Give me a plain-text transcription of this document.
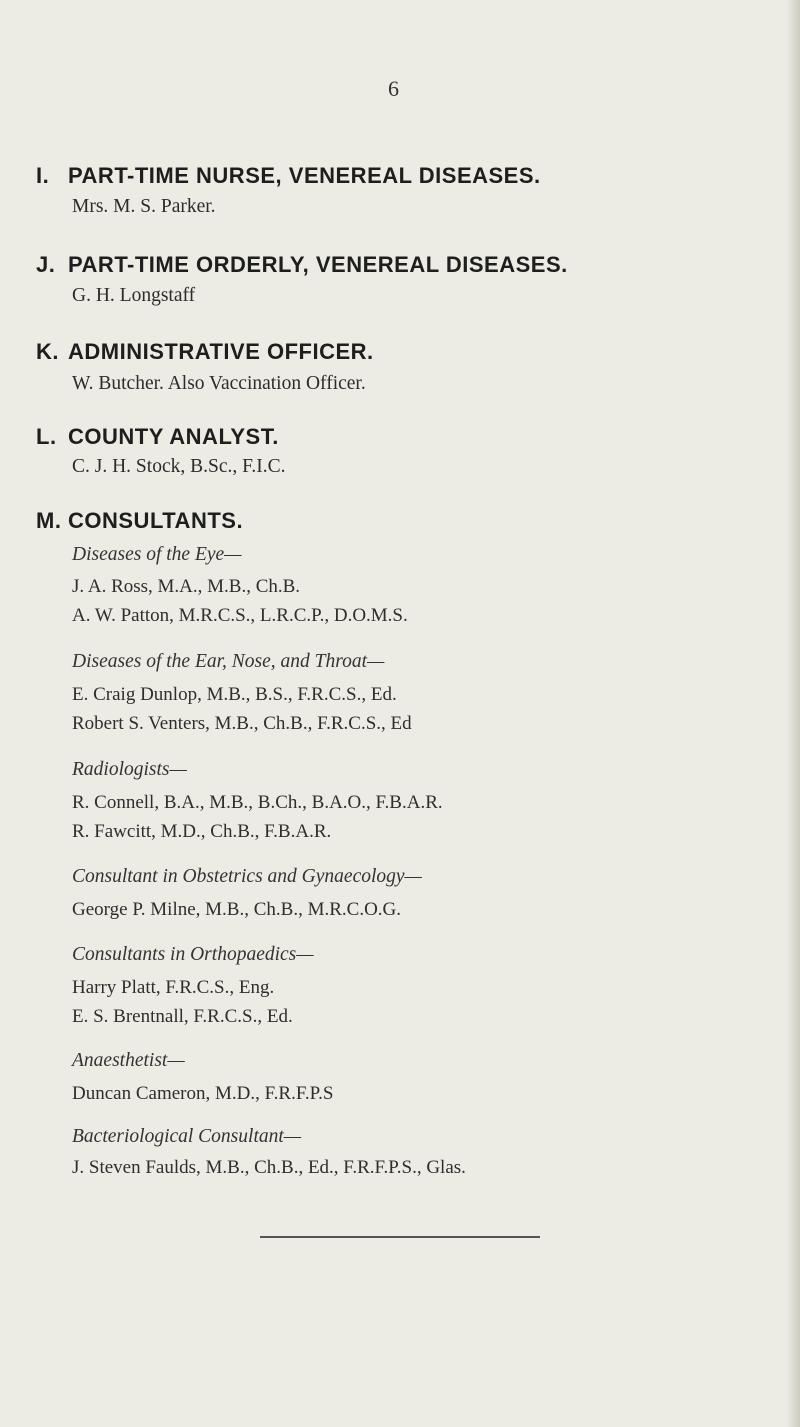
6
I. PART-TIME NURSE, VENEREAL DISEASES.
Mrs. M. S. Parker.
J. PART-TIME ORDERLY, VENEREAL DISEASES.
G. H. Longstaff
K. ADMINISTRATIVE OFFICER.
W. Butcher. Also Vaccination Officer.
L. COUNTY ANALYST.
C. J. H. Stock, B.Sc., F.I.C.
M. CONSULTANTS.
Diseases of the Eye—
J. A. Ross, M.A., M.B., Ch.B.
A. W. Patton, M.R.C.S., L.R.C.P., D.O.M.S.
Diseases of the Ear, Nose, and Throat—
E. Craig Dunlop, M.B., B.S., F.R.C.S., Ed.
Robert S. Venters, M.B., Ch.B., F.R.C.S., Ed
Radiologists—
R. Connell, B.A., M.B., B.Ch., B.A.O., F.B.A.R.
R. Fawcitt, M.D., Ch.B., F.B.A.R.
Consultant in Obstetrics and Gynaecology—
George P. Milne, M.B., Ch.B., M.R.C.O.G.
Consultants in Orthopaedics—
Harry Platt, F.R.C.S., Eng.
E. S. Brentnall, F.R.C.S., Ed.
Anaesthetist—
Duncan Cameron, M.D., F.R.F.P.S
Bacteriological Consultant—
J. Steven Faulds, M.B., Ch.B., Ed., F.R.F.P.S., Glas.
